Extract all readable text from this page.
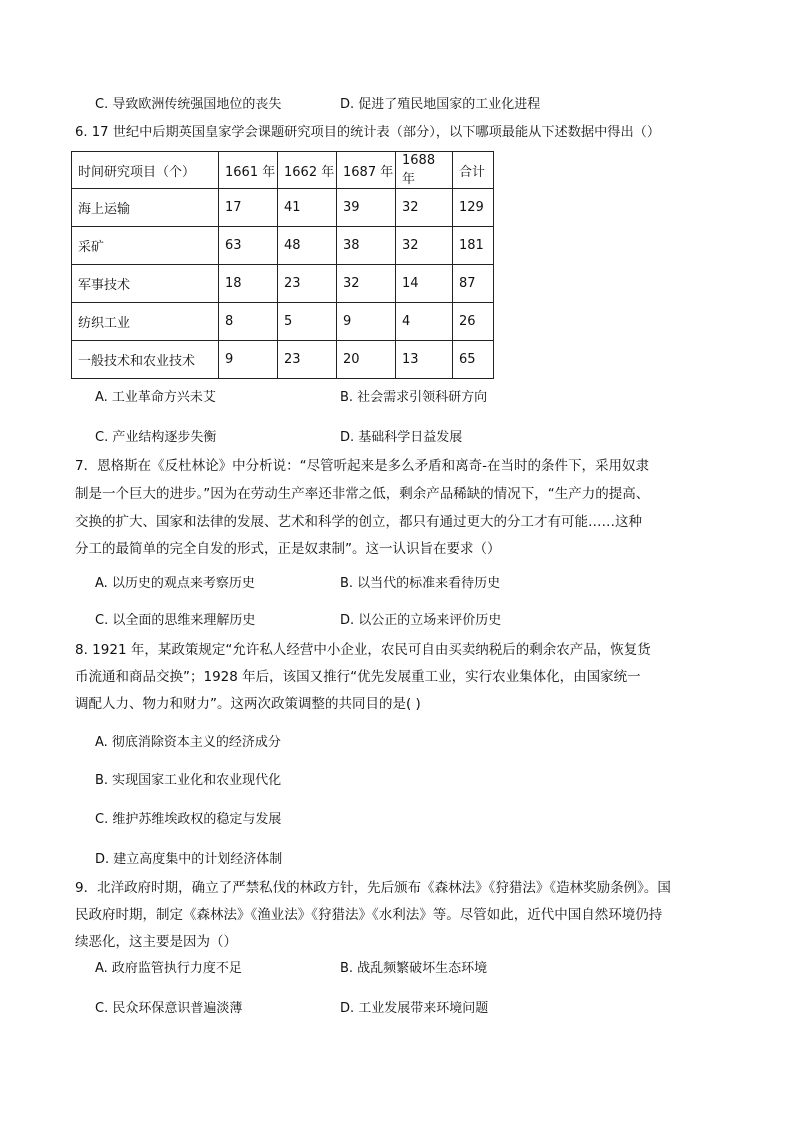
C. 导致欧洲传统强国地位的丧失	D. 促进了殖民地国家的工业化进程
6. 17 世纪中后期英国皇家学会课题研究项目的统计表（部分），以下哪项最能从下述数据中得出（）
时间研究项目（个）	1661 年	1662 年	1687 年	1688 年	合计
海上运输	17	41	39	32	129
采矿	63	48	38	32	181
军事技术	18	23	32	14	87
纺织工业	8	5	9	4	26
一般技术和农业技术	9	23	20	13	65
A. 工业革命方兴未艾	B. 社会需求引领科研方向
C. 产业结构逐步失衡	D. 基础科学日益发展
7．恩格斯在《反杜林论》中分析说：“尽管听起来是多么矛盾和离奇-在当时的条件下，采用奴隶
制是一个巨大的进步。”因为在劳动生产率还非常之低，剩余产品稀缺的情况下，“生产力的提高、
交换的扩大、国家和法律的发展、艺术和科学的创立，都只有通过更大的分工才有可能……这种
分工的最简单的完全自发的形式，正是奴隶制”。这一认识旨在要求（）
A. 以历史的观点来考察历史	B. 以当代的标准来看待历史
C. 以全面的思维来理解历史	D. 以公正的立场来评价历史
8. 1921 年，某政策规定“允许私人经营中小企业，农民可自由买卖纳税后的剩余农产品，恢复货
币流通和商品交换”；1928 年后，该国又推行“优先发展重工业，实行农业集体化，由国家统一
调配人力、物力和财力”。这两次政策调整的共同目的是( )
A. 彻底消除资本主义的经济成分
B. 实现国家工业化和农业现代化
C. 维护苏维埃政权的稳定与发展
D. 建立高度集中的计划经济体制
9．北洋政府时期，确立了严禁私伐的林政方针，先后颁布《森林法》《狩猎法》《造林奖励条例》。国
民政府时期，制定《森林法》《渔业法》《狩猎法》《水利法》等。尽管如此，近代中国自然环境仍持
续恶化，这主要是因为（）
A. 政府监管执行力度不足	B. 战乱频繁破坏生态环境
C. 民众环保意识普遍淡薄	D. 工业发展带来环境问题
